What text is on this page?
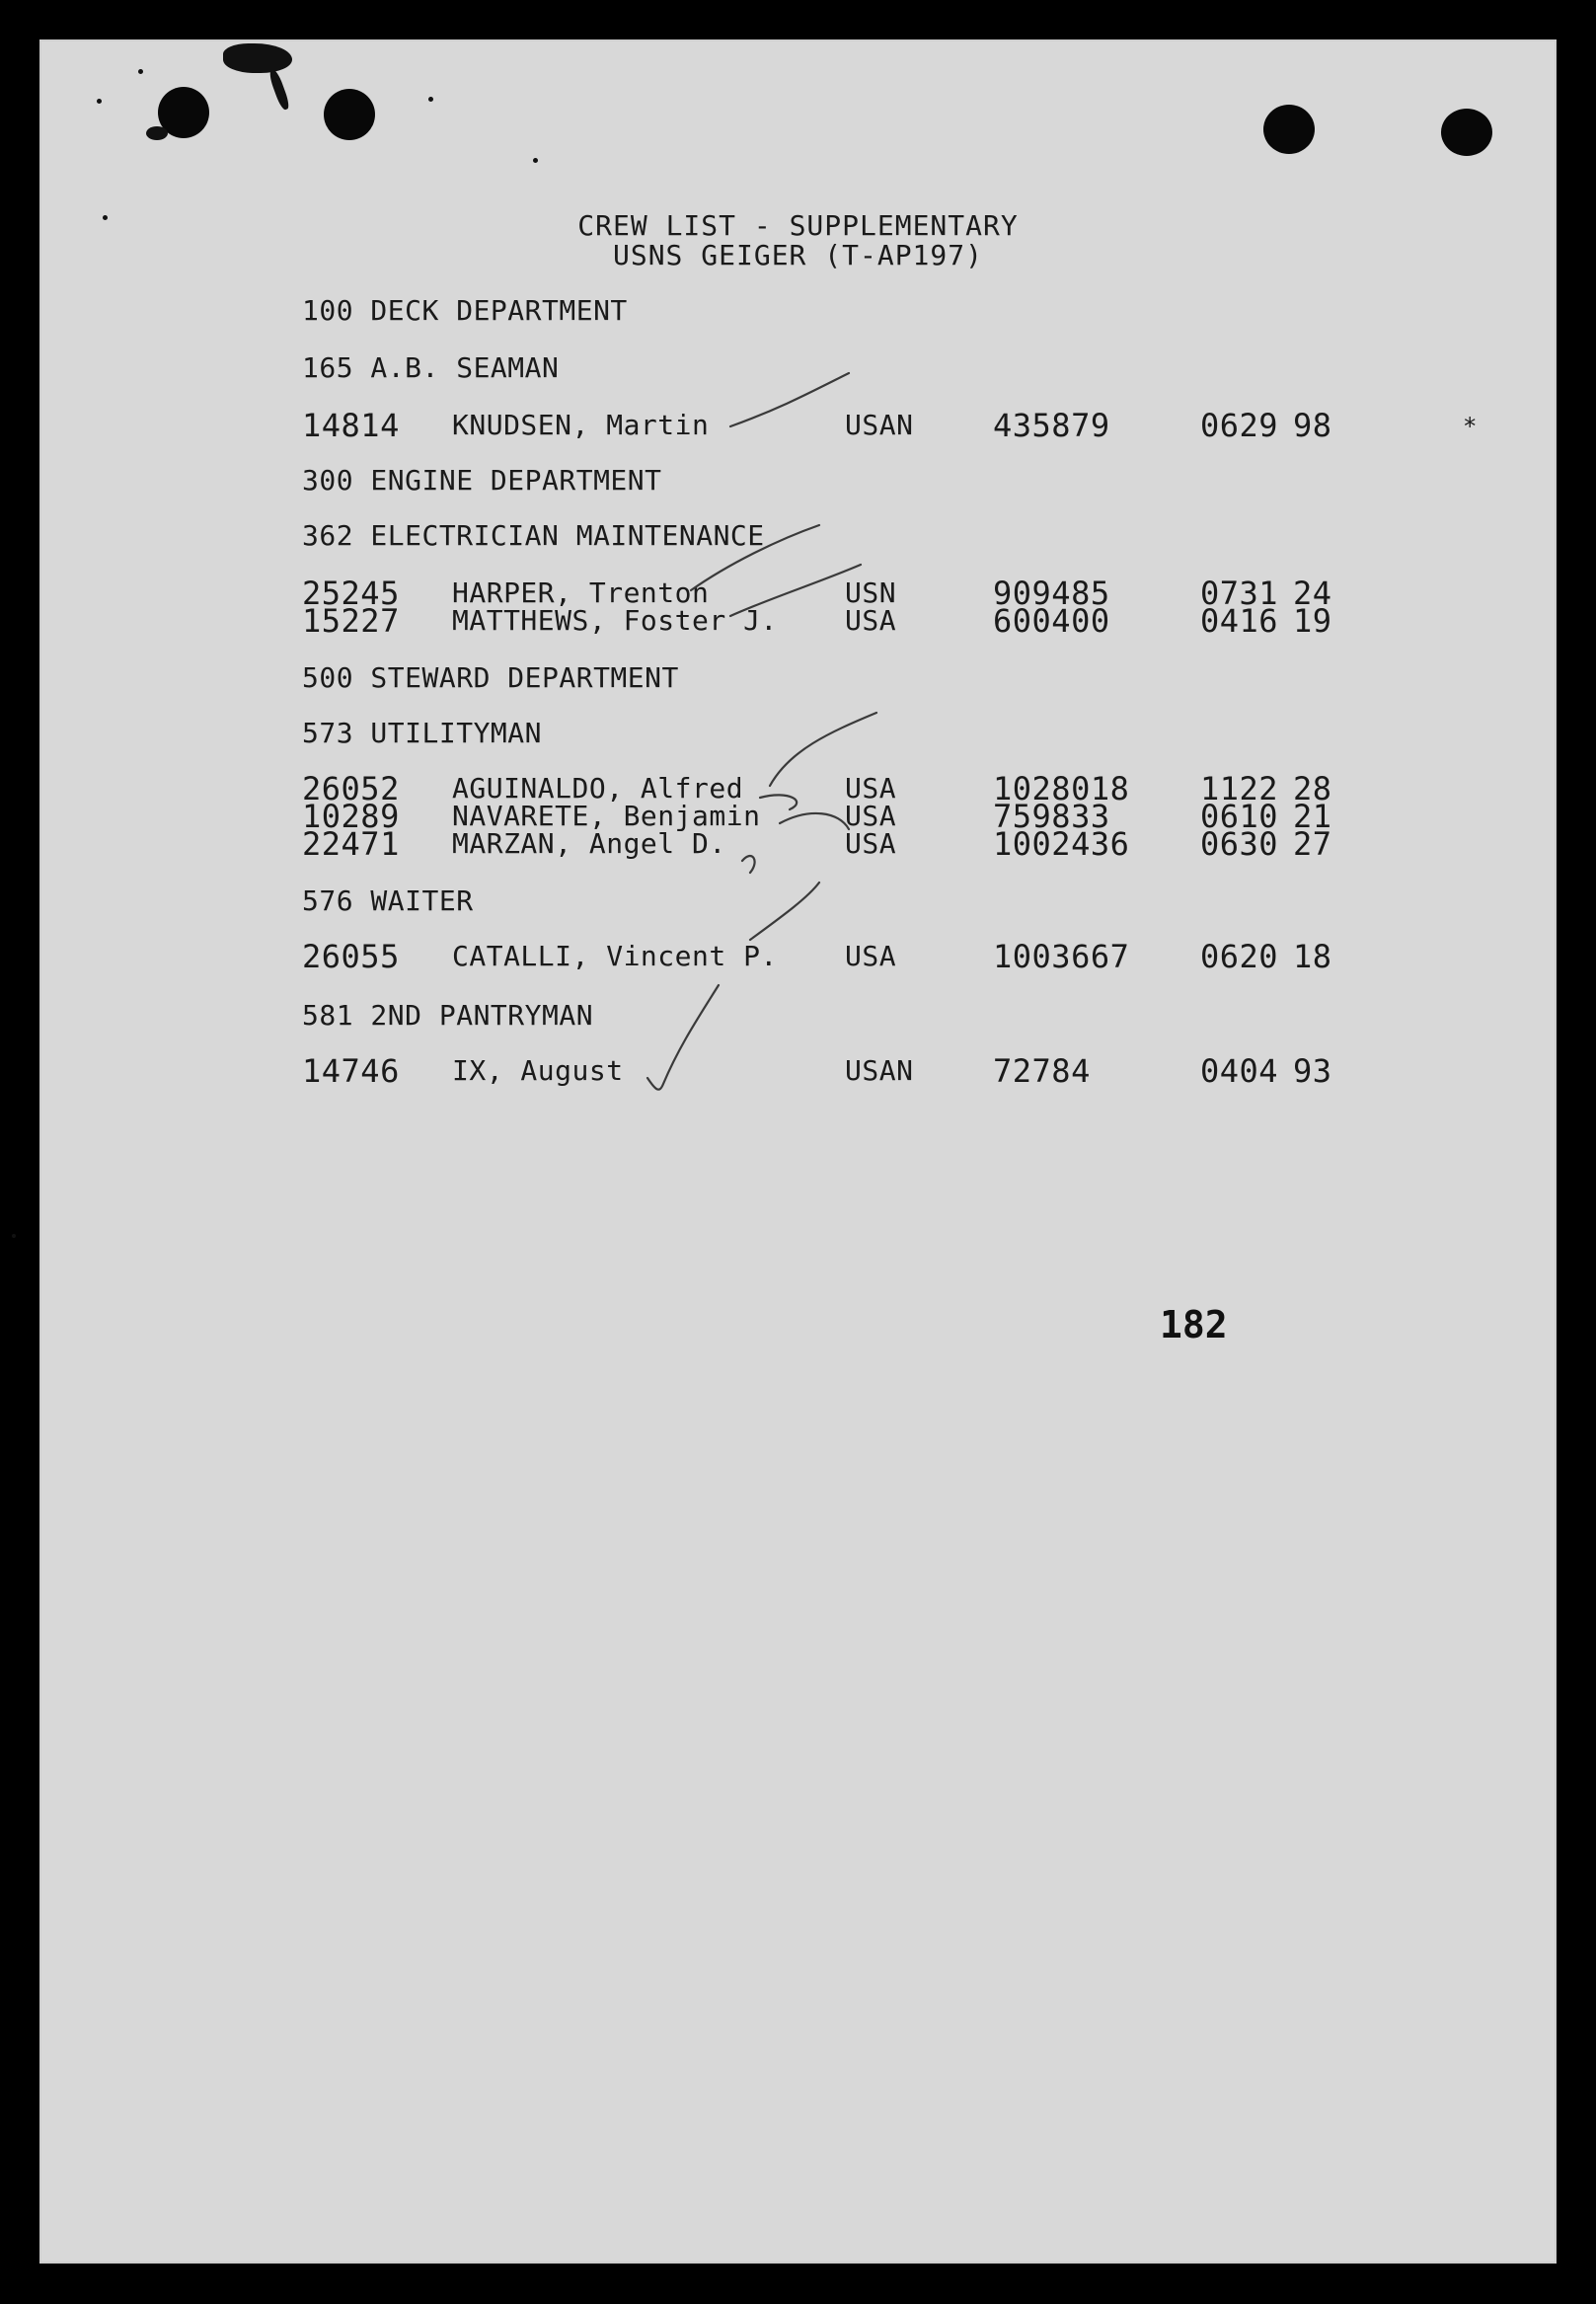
CREW LIST - SUPPLEMENTARY
USNS GEIGER (T-AP197)
100 DECK DEPARTMENT
165 A.B. SEAMAN
300 ENGINE DEPARTMENT
362 ELECTRICIAN MAINTENANCE
500 STEWARD DEPARTMENT
573 UTILITYMAN
576 WAITER
581 2ND PANTRYMAN
14814 KNUDSEN, Martin	USAN	435879	0629 98	*
25245 HARPER, Trenton	USN	909485	0731 24
15227 MATTHEWS, Foster J. USA	600400	0416 19
26052 AGUINALDO, Alfred	USA	1028018 1122 28
10289 NAVARETE, Benjamin	USA	759833	0610 21
22471 MARZAN, Angel D.	USA	1002436 0630 27
26055 CATALLI, Vincent P. USA	1003667 0620 18
14746 IX, August	USAN	72784	0404 93
182
